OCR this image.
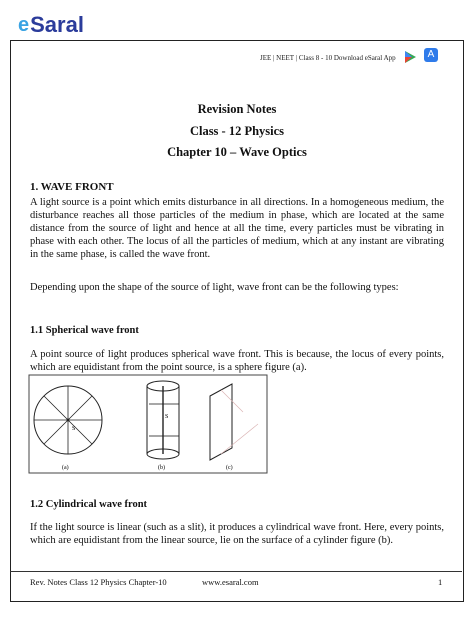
e Saral
JEE | NEET | Class 8 - 10 Download eSaral App	A
Revision Notes
Class - 12 Physics
Chapter 10 – Wave Optics
1. WAVE FRONT
A light source is a point which emits disturbance in all directions. In a homogeneous medium, the disturbance reaches all those particles of the medium in phase, which are located at the same distance from the source of light and hence at all the time, every particles must be vibrating in phase with each other. The locus of all the particles of medium, which at any instant are vibrating in the same phase, is called the wave front.
Depending upon the shape of the source of light, wave front can be the following types:
1.1 Spherical wave front
A point source of light produces spherical wave front. This is because, the locus of every points, which are equidistant from the point source, is a sphere figure (a).
S
S
(a)	(b)	(c)
1.2 Cylindrical wave front
If the light source is linear (such as a slit), it produces a cylindrical wave front. Here, every points, which are equidistant from the linear source, lie on the surface of a cylinder figure (b).
Rev. Notes Class 12 Physics Chapter-10	www.esaral.com	1
